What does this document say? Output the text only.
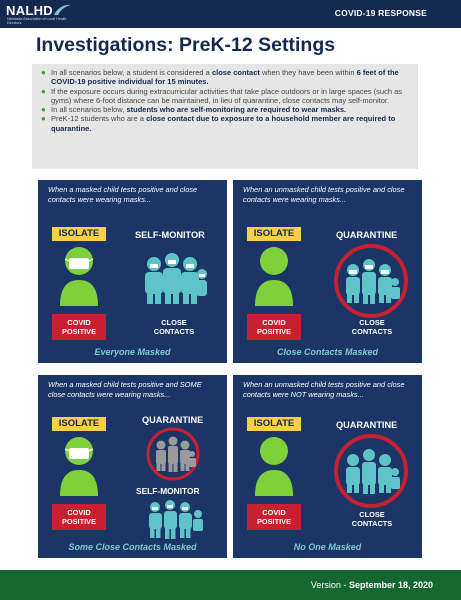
NALHD
Nebraska Association of Local Health Directors
COVID-19 RESPONSE
Investigations: PreK-12 Settings
● In all scenarios below, a student is considered a close contact when they have been within 6 feet of the COVID-19 positive individual for 15 minutes.
● If the exposure occurs during extracurricular activities that take place outdoors or in large spaces (such as gyms) where 6-foot distance can be maintained, in lieu of quarantine, close contacts may self-monitor.
● In all scenarios below, students who are self-monitoring are required to wear masks.
● PreK-12 students who are a close contact due to exposure to a household member are required to quarantine.
When a masked child tests positive and close contacts were wearing masks...
ISOLATE	SELF-MONITOR
COVID
POSITIVE
CLOSE
CONTACTS
Everyone Masked
When an unmasked child tests positive and close contacts were wearing masks...
ISOLATE	QUARANTINE
COVID
POSITIVE
CLOSE
CONTACTS
Close Contacts Masked
When a masked child tests positive and SOME close contacts were wearing masks...
ISOLATE	QUARANTINE
SELF-MONITOR
COVID
POSITIVE
Some Close Contacts Masked
When an unmasked child tests positive and close contacts were NOT wearing masks...
ISOLATE	QUARANTINE
COVID
POSITIVE
CLOSE
CONTACTS
No One Masked
Version - September 18, 2020
